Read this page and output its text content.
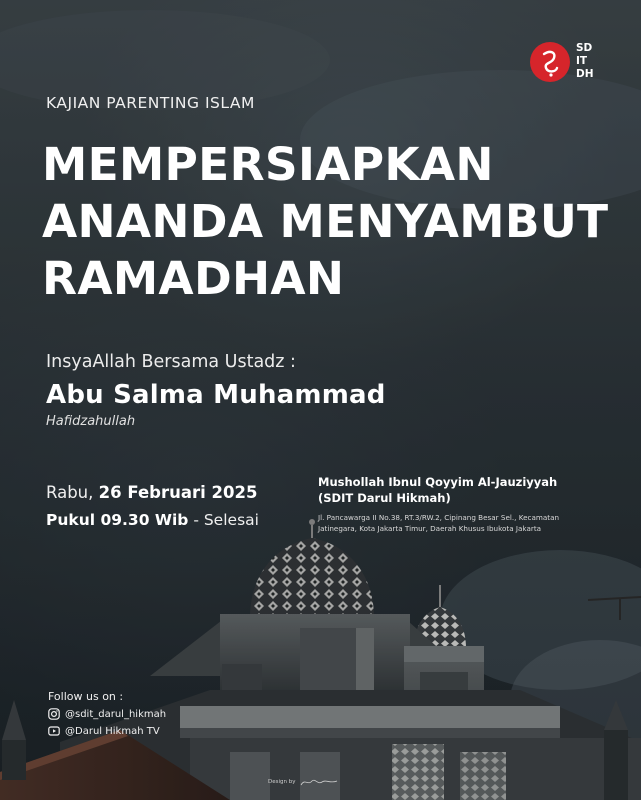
SD
IT
DH
KAJIAN PARENTING ISLAM
MEMPERSIAPKAN
ANANDA MENYAMBUT
RAMADHAN
InsyaAllah Bersama Ustadz :
Abu Salma Muhammad
Hafidzahullah
Rabu, 26 Februari 2025
Pukul 09.30 Wib - Selesai
Mushollah Ibnul Qoyyim Al-Jauziyyah
(SDIT Darul Hikmah)
Jl. Pancawarga II No.38, RT.3/RW.2, Cipinang Besar Sel., Kecamatan
Jatinegara, Kota Jakarta Timur, Daerah Khusus Ibukota Jakarta
Follow us on :
@sdit_darul_hikmah
@Darul Hikmah TV
Design by
